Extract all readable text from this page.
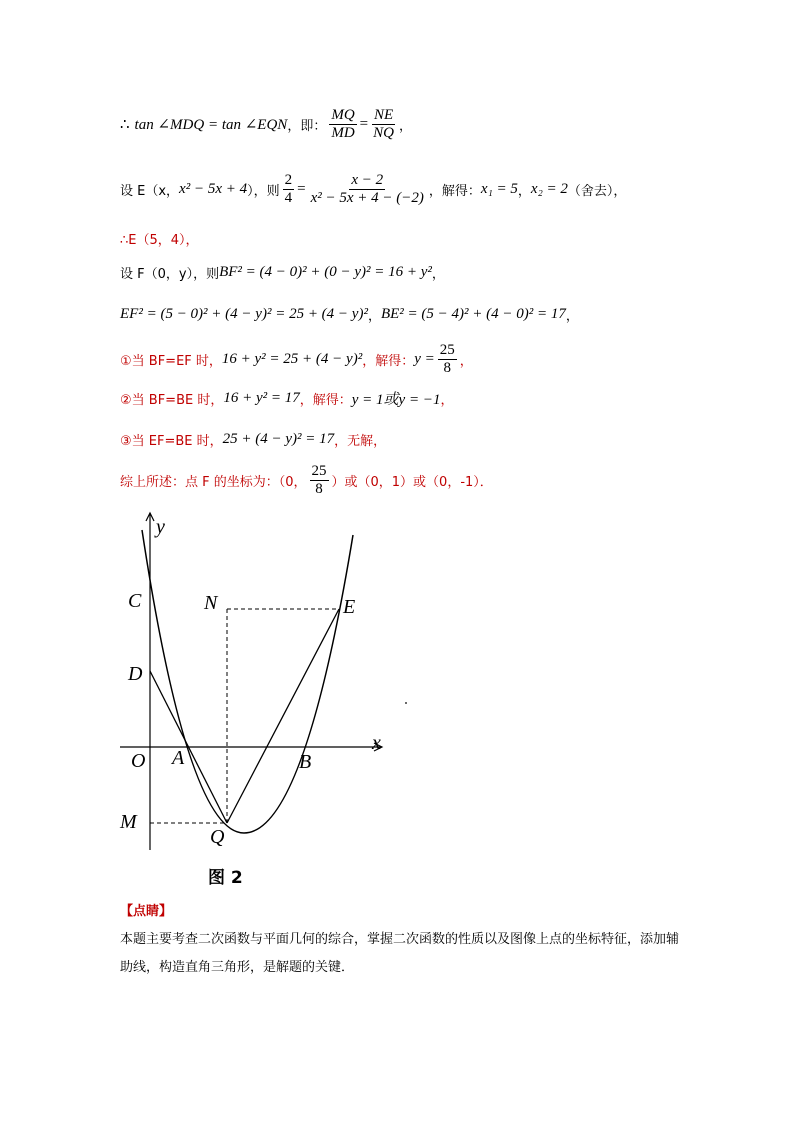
∴ tan ∠MDQ = tan ∠EQN ，即： $\frac{MQ}{MD} = \frac{NE}{NQ}$ ，
设 E（x， x² − 5x + 4 ），则 $\frac{2}{4} = \frac{x - 2}{\text{x² − 5x + 4 − (−2)}}$ ，解得： x₁ = 5 ， x₂ = 2 （舍去），
∴E（5，4），
设 F（0，y），则 BF² = (4 − 0)² + (0 − y)² = 16 + y² ，
EF² = (5 − 0)² + (4 − y)² = 25 + (4 − y)² ， BE² = (5 − 4)² + (4 − 0)² = 17 ，
①当 BF=EF 时， 16 + y² = 25 + (4 − y)² ，解得： $y = \frac{25}{8}$ ，
②当 BF=BE 时， 16 + y² = 17 ，解得： y = 1或y = −1 ，
③当 EF=BE 时， 25 + (4 − y)² = 17 ，无解，
综上所述：点 F 的坐标为：（0， $\frac{25}{8}$ ）或（0，1）或（0，-1）．
y
x
C
D
O A	B
M
Q
N	E
图 2
【点睛】
本题主要考查二次函数与平面几何的综合，掌握二次函数的性质以及图像上点的坐标特征，添加辅助线，构造直角三角形，是解题的关键．
